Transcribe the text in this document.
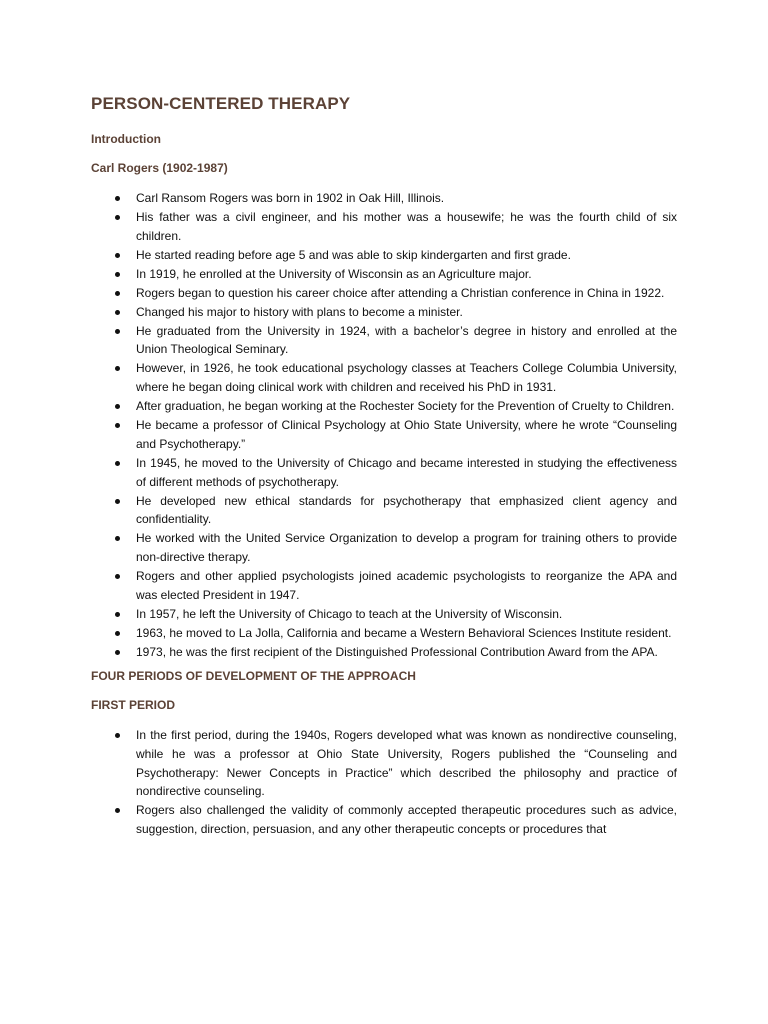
PERSON-CENTERED THERAPY
Introduction
Carl Rogers (1902-1987)
Carl Ransom Rogers was born in 1902 in Oak Hill, Illinois.
His father was a civil engineer, and his mother was a housewife; he was the fourth child of six children.
He started reading before age 5 and was able to skip kindergarten and first grade.
In 1919, he enrolled at the University of Wisconsin as an Agriculture major.
Rogers began to question his career choice after attending a Christian conference in China in 1922.
Changed his major to history with plans to become a minister.
He graduated from the University in 1924, with a bachelor’s degree in history and enrolled at the Union Theological Seminary.
However, in 1926, he took educational psychology classes at Teachers College Columbia University, where he began doing clinical work with children and received his PhD in 1931.
After graduation, he began working at the Rochester Society for the Prevention of Cruelty to Children.
He became a professor of Clinical Psychology at Ohio State University, where he wrote “Counseling and Psychotherapy.”
In 1945, he moved to the University of Chicago and became interested in studying the effectiveness of different methods of psychotherapy.
He developed new ethical standards for psychotherapy that emphasized client agency and confidentiality.
He worked with the United Service Organization to develop a program for training others to provide non-directive therapy.
Rogers and other applied psychologists joined academic psychologists to reorganize the APA and was elected President in 1947.
In 1957, he left the University of Chicago to teach at the University of Wisconsin.
1963, he moved to La Jolla, California and became a Western Behavioral Sciences Institute resident.
1973, he was the first recipient of the Distinguished Professional Contribution Award from the APA.
FOUR PERIODS OF DEVELOPMENT OF THE APPROACH
FIRST PERIOD
In the first period, during the 1940s, Rogers developed what was known as nondirective counseling, while he was a professor at Ohio State University, Rogers published the “Counseling and Psychotherapy: Newer Concepts in Practice” which described the philosophy and practice of nondirective counseling.
Rogers also challenged the validity of commonly accepted therapeutic procedures such as advice, suggestion, direction, persuasion, and any other therapeutic concepts or procedures that
